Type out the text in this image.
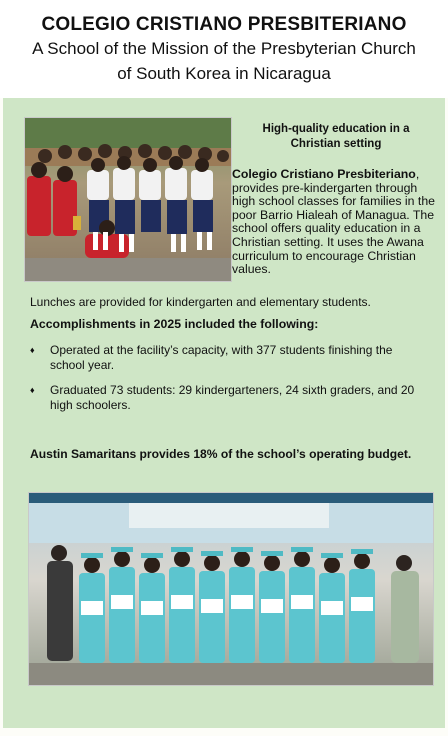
COLEGIO CRISTIANO PRESBITERIANO
A School of the Mission of the Presbyterian Church
of South Korea in Nicaragua
High-quality education in a Christian setting
Colegio Cristiano Presbiteriano, provides pre-kindergarten through high school classes for families in the poor Barrio Hialeah of Managua. The school offers quality education in a Christian setting. It uses the Awana curriculum to encourage Christian values.
Lunches are provided for kindergarten and elementary students.
Accomplishments in 2025 included the following:
♦ Operated at the facility’s capacity, with 377 students finishing the school year.
♦ Graduated 73 students: 29 kindergarteners, 24 sixth graders, and 20 high schoolers.
Austin Samaritans provides 18% of the school’s operating budget.
